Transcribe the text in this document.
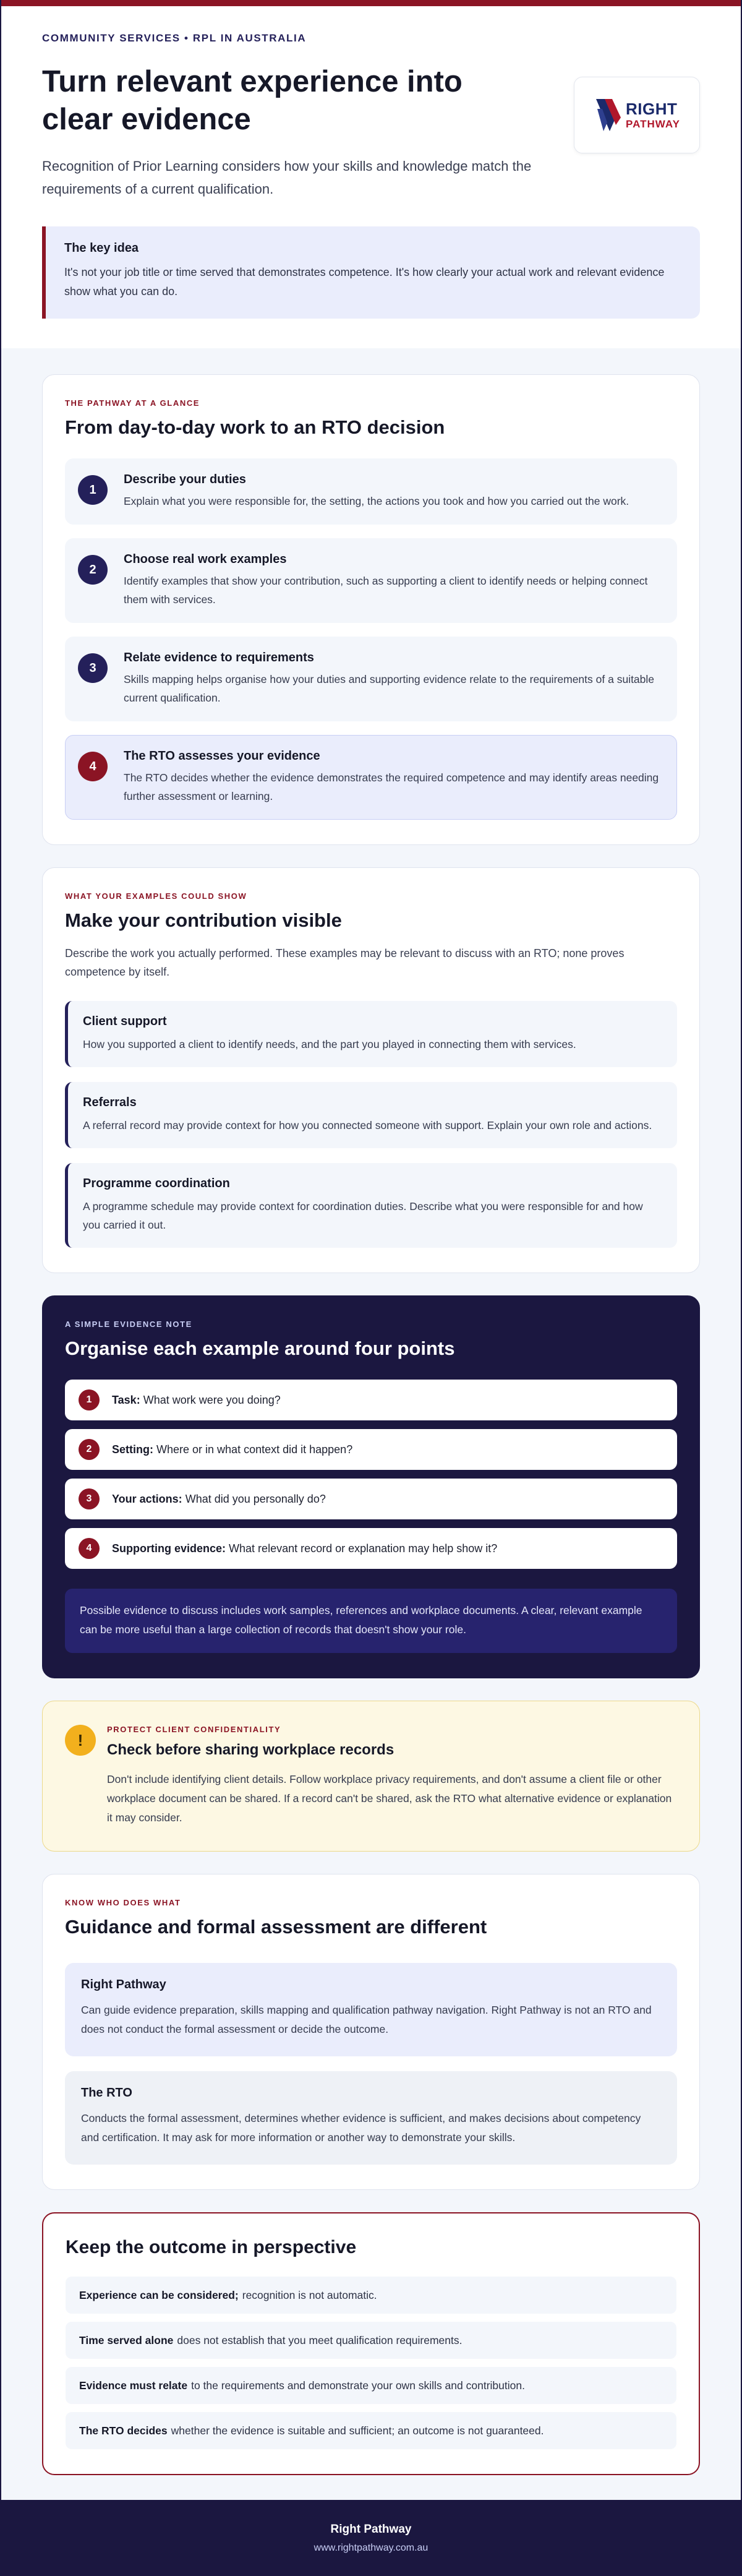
COMMUNITY SERVICES • RPL IN AUSTRALIA
Turn relevant experience into clear evidence

Recognition of Prior Learning considers how your skills and knowledge match the requirements of a current qualification.

RIGHT
PATHWAY
The key idea
It's not your job title or time served that demonstrates competence. It's how clearly your actual work and relevant evidence show what you can do.
THE PATHWAY AT A GLANCE
From day-to-day work to an RTO decision
1
Describe your duties
Explain what you were responsible for, the setting, the actions you took and how you carried out the work.
2
Choose real work examples
Identify examples that show your contribution, such as supporting a client to identify needs or helping connect them with services.
3
Relate evidence to requirements
Skills mapping helps organise how your duties and supporting evidence relate to the requirements of a suitable current qualification.
4
The RTO assesses your evidence
The RTO decides whether the evidence demonstrates the required competence and may identify areas needing further assessment or learning.
WHAT YOUR EXAMPLES COULD SHOW
Make your contribution visible

Describe the work you actually performed. These examples may be relevant to discuss with an RTO; none proves competence by itself.

Client support
How you supported a client to identify needs, and the part you played in connecting them with services.
Referrals
A referral record may provide context for how you connected someone with support. Explain your own role and actions.
Programme coordination
A programme schedule may provide context for coordination duties. Describe what you were responsible for and how you carried it out.
A SIMPLE EVIDENCE NOTE
Organise each example around four points
1	Task: What work were you doing?
2	Setting: Where or in what context did it happen?
3	Your actions: What did you personally do?
4	Supporting evidence: What relevant record or explanation may help show it?
Possible evidence to discuss includes work samples, references and workplace documents. A clear, relevant example can be more useful than a large collection of records that doesn't show your role.
!
PROTECT CLIENT CONFIDENTIALITY
Check before sharing workplace records

Don't include identifying client details. Follow workplace privacy requirements, and don't assume a client file or other workplace document can be shared. If a record can't be shared, ask the RTO what alternative evidence or explanation it may consider.

KNOW WHO DOES WHAT
Guidance and formal assessment are different
Right Pathway
Can guide evidence preparation, skills mapping and qualification pathway navigation. Right Pathway is not an RTO and does not conduct the formal assessment or decide the outcome.
The RTO
Conducts the formal assessment, determines whether evidence is sufficient, and makes decisions about competency and certification. It may ask for more information or another way to demonstrate your skills.
Keep the outcome in perspective
Experience can be considered; recognition is not automatic.
Time served alone does not establish that you meet qualification requirements.
Evidence must relate to the requirements and demonstrate your own skills and contribution.
The RTO decides whether the evidence is suitable and sufficient; an outcome is not guaranteed.
Right Pathway
www.rightpathway.com.au
